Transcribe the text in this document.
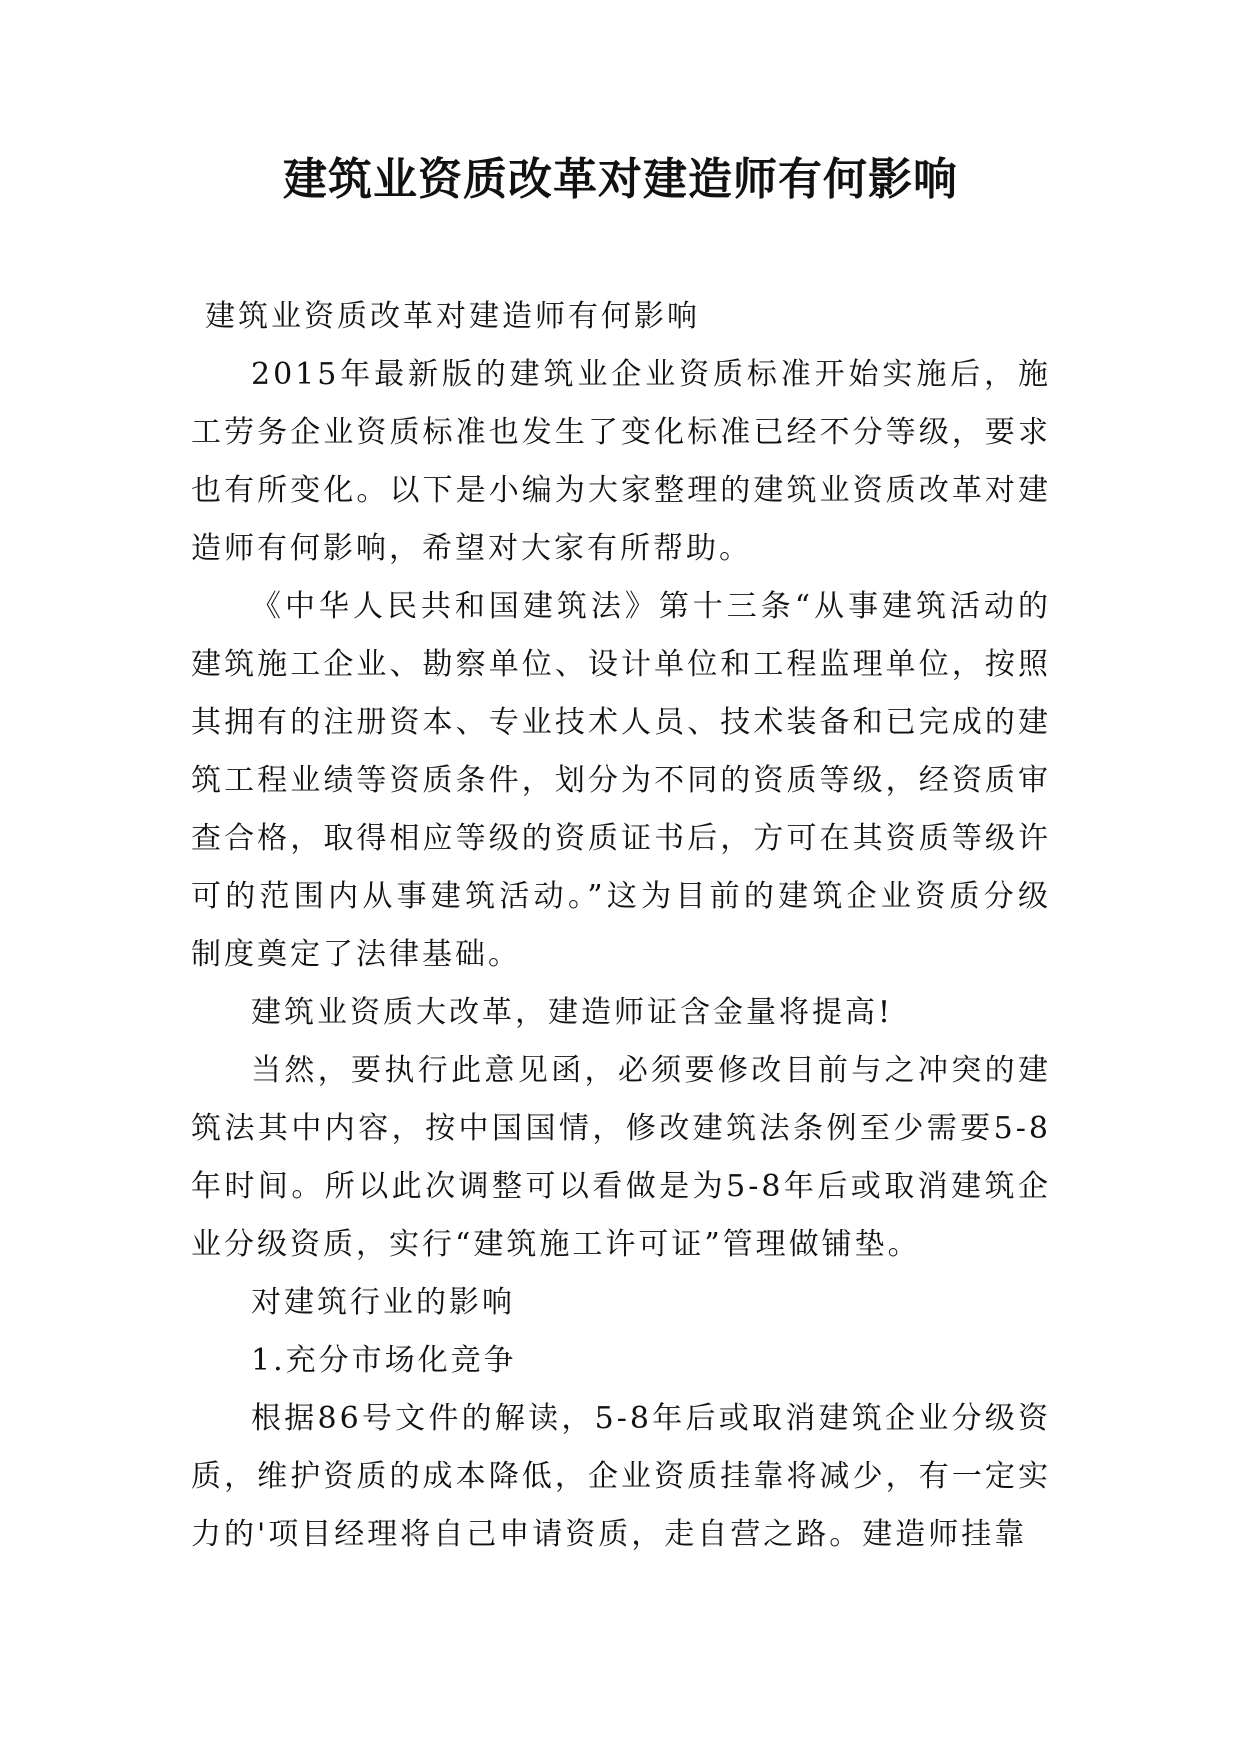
建筑业资质改革对建造师有何影响

建筑业资质改革对建造师有何影响

2015年最新版的建筑业企业资质标准开始实施后，施工劳务企业资质标准也发生了变化标准已经不分等级，要求也有所变化。以下是小编为大家整理的建筑业资质改革对建造师有何影响，希望对大家有所帮助。

《中华人民共和国建筑法》第十三条“从事建筑活动的建筑施工企业、勘察单位、设计单位和工程监理单位，按照其拥有的注册资本、专业技术人员、技术装备和已完成的建筑工程业绩等资质条件，划分为不同的资质等级，经资质审查合格，取得相应等级的资质证书后，方可在其资质等级许可的范围内从事建筑活动。”这为目前的建筑企业资质分级制度奠定了法律基础。

建筑业资质大改革，建造师证含金量将提高!

当然，要执行此意见函，必须要修改目前与之冲突的建筑法其中内容，按中国国情，修改建筑法条例至少需要5-8年时间。所以此次调整可以看做是为5-8年后或取消建筑企业分级资质，实行“建筑施工许可证”管理做铺垫。

对建筑行业的影响

1.充分市场化竞争

根据86号文件的解读，5-8年后或取消建筑企业分级资质，维护资质的成本降低，企业资质挂靠将减少，有一定实力的'项目经理将自己申请资质，走自营之路。建造师挂靠
